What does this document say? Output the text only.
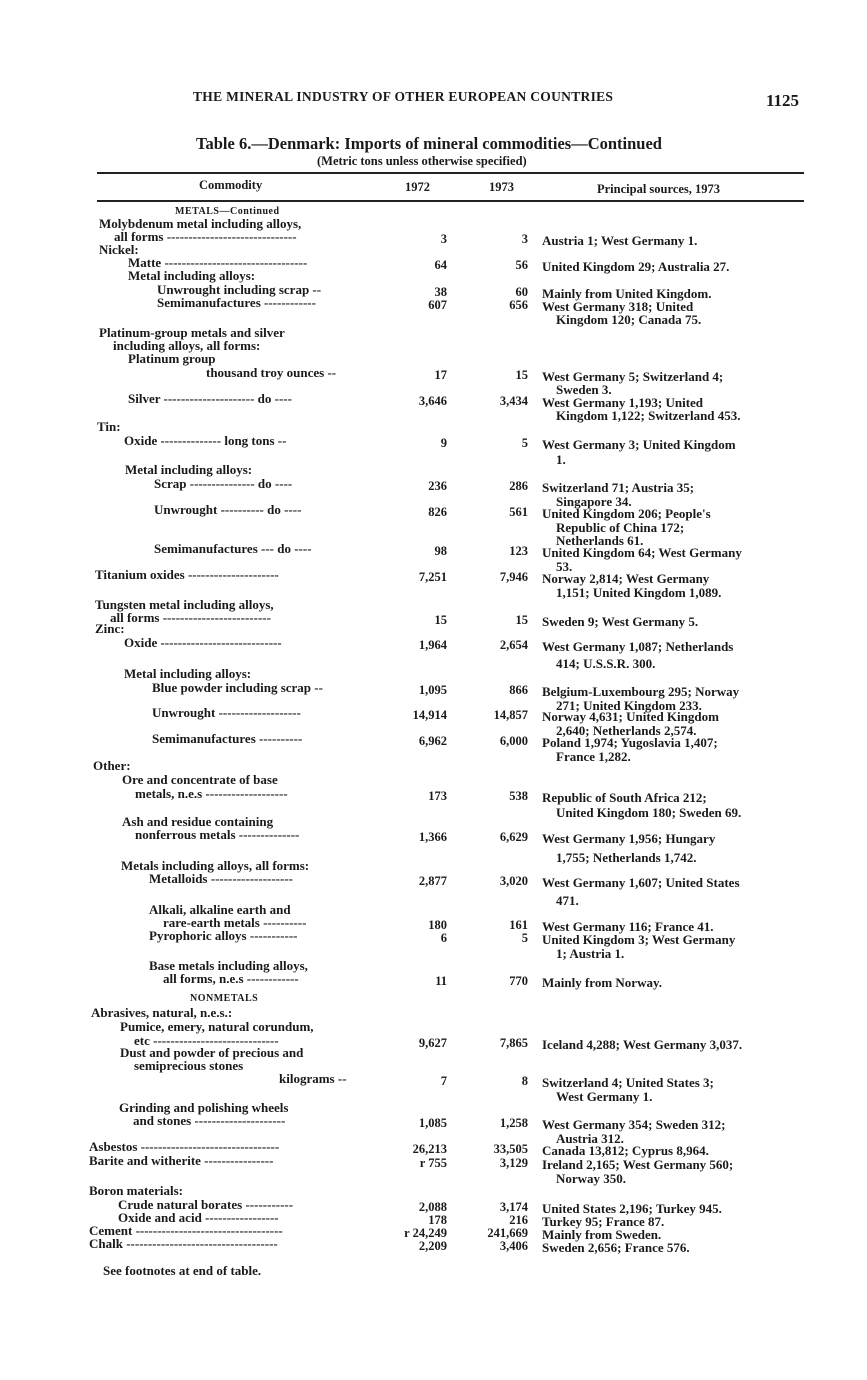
THE MINERAL INDUSTRY OF OTHER EUROPEAN COUNTRIES	1125
Table 6.—Denmark: Imports of mineral commodities—Continued
(Metric tons unless otherwise specified)
Commodity	1972	1973	Principal sources, 1973
METALS—Continued
Molybdenum metal including alloys,
all forms ------------------------------	3	3 Austria 1; West Germany 1.
Nickel:
Matte ---------------------------------	64	56 United Kingdom 29; Australia 27.
Metal including alloys:
Unwrought including scrap --	38	60 Mainly from United Kingdom.
Semimanufactures ------------	607	656 West Germany 318; United
Kingdom 120; Canada 75.
Platinum-group metals and silver
including alloys, all forms:
Platinum group
thousand troy ounces --	17	15 West Germany 5; Switzerland 4;
Sweden 3.
Silver --------------------- do ----	3,646	3,434 West Germany 1,193; United
Kingdom 1,122; Switzerland 453.
Tin:
Oxide -------------- long tons --	9	5 West Germany 3; United Kingdom
1.
Metal including alloys:
Scrap --------------- do ----	236	286 Switzerland 71; Austria 35;
Singapore 34.
Unwrought ---------- do ----	826	561 United Kingdom 206; People's
Republic of China 172;
Netherlands 61.
Semimanufactures --- do ----	98	123 United Kingdom 64; West Germany
53.
Titanium oxides ---------------------	7,251	7,946 Norway 2,814; West Germany
1,151; United Kingdom 1,089.
Tungsten metal including alloys,
all forms -------------------------	15	15 Sweden 9; West Germany 5.
Zinc:
Oxide ----------------------------	1,964	2,654 West Germany 1,087; Netherlands
414; U.S.S.R. 300.
Metal including alloys:
Blue powder including scrap --	1,095	866 Belgium-Luxembourg 295; Norway
271; United Kingdom 233.
Unwrought -------------------	14,914	14,857 Norway 4,631; United Kingdom
2,640; Netherlands 2,574.
Semimanufactures ----------	6,962	6,000 Poland 1,974; Yugoslavia 1,407;
France 1,282.
Other:
Ore and concentrate of base
metals, n.e.s -------------------	173	538 Republic of South Africa 212;
United Kingdom 180; Sweden 69.
Ash and residue containing
nonferrous metals --------------	1,366	6,629 West Germany 1,956; Hungary
1,755; Netherlands 1,742.
Metals including alloys, all forms:
Metalloids -------------------	2,877	3,020 West Germany 1,607; United States
471.
Alkali, alkaline earth and
rare-earth metals ----------	180	161 West Germany 116; France 41.
Pyrophoric alloys -----------	6	5 United Kingdom 3; West Germany
1; Austria 1.
Base metals including alloys,
all forms, n.e.s ------------	11	770 Mainly from Norway.
NONMETALS
Abrasives, natural, n.e.s.:
Pumice, emery, natural corundum,
etc -----------------------------	9,627	7,865 Iceland 4,288; West Germany 3,037.
Dust and powder of precious and
semiprecious stones
kilograms --	7	8 Switzerland 4; United States 3;
West Germany 1.
Grinding and polishing wheels
and stones ---------------------	1,085	1,258 West Germany 354; Sweden 312;
Austria 312.
Asbestos --------------------------------	26,213	33,505 Canada 13,812; Cyprus 8,964.
Barite and witherite ----------------	r 755	3,129 Ireland 2,165; West Germany 560;
Norway 350.
Boron materials:
Crude natural borates -----------	2,088	3,174 United States 2,196; Turkey 945.
Oxide and acid -----------------	178	216 Turkey 95; France 87.
Cement ----------------------------------	r 24,249	241,669 Mainly from Sweden.
Chalk -----------------------------------	2,209	3,406 Sweden 2,656; France 576.
See footnotes at end of table.
